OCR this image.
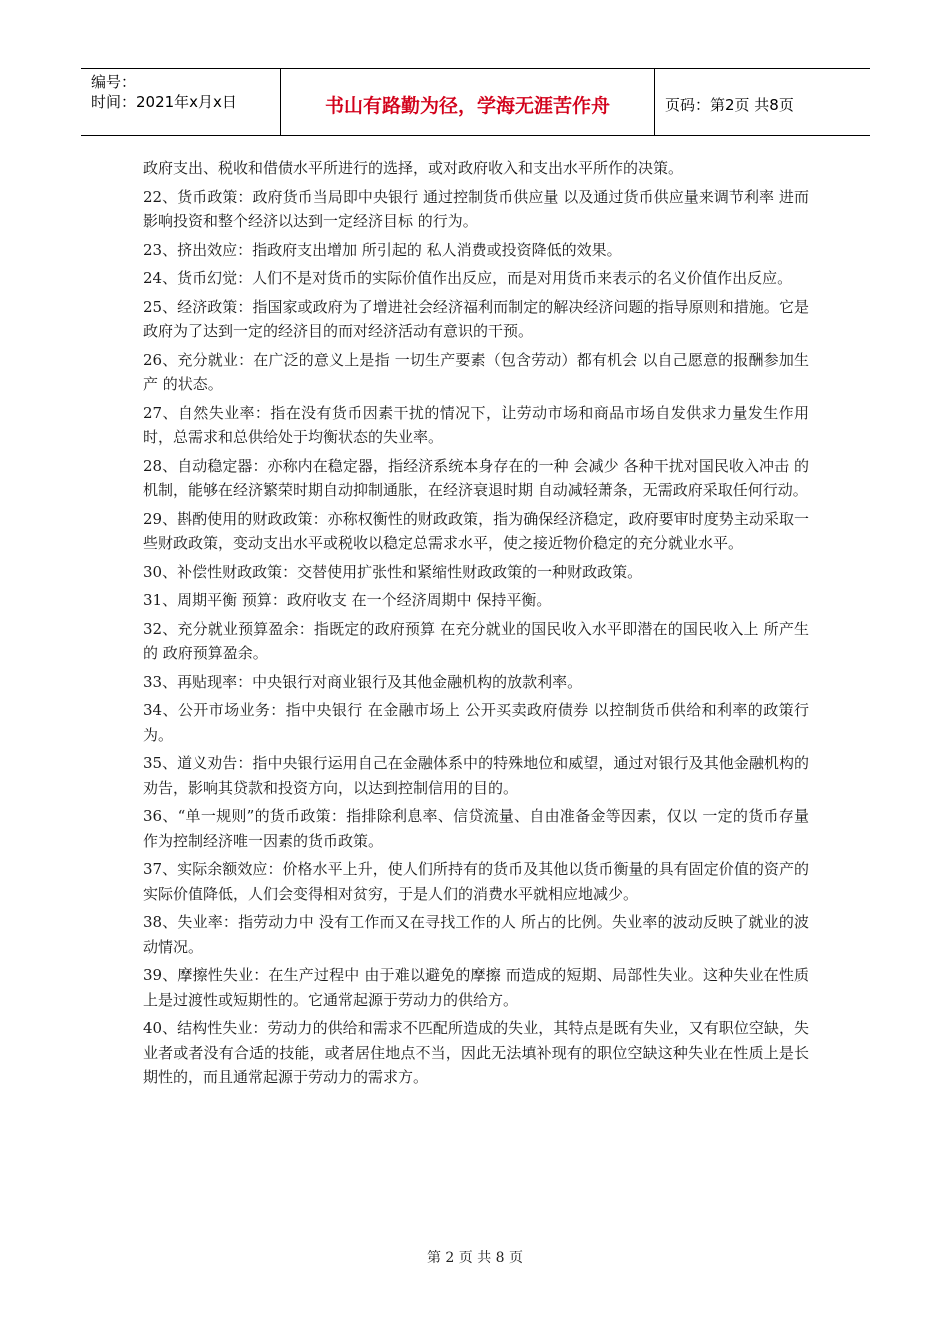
编号：
时间：2021年x月x日	书山有路勤为径，学海无涯苦作舟	页码：第2页 共8页

政府支出、税收和借债水平所进行的选择，或对政府收入和支出水平所作的决策。

22、货币政策：政府货币当局即中央银行 通过控制货币供应量 以及通过货币供应量来调节利率 进而影响投资和整个经济以达到一定经济目标 的行为。

23、挤出效应：指政府支出增加 所引起的 私人消费或投资降低的效果。

24、货币幻觉：人们不是对货币的实际价值作出反应，而是对用货币来表示的名义价值作出反应。

25、经济政策：指国家或政府为了增进社会经济福利而制定的解决经济问题的指导原则和措施。它是政府为了达到一定的经济目的而对经济活动有意识的干预。

26、充分就业：在广泛的意义上是指 一切生产要素（包含劳动）都有机会 以自己愿意的报酬参加生产 的状态。

27、自然失业率：指在没有货币因素干扰的情况下，让劳动市场和商品市场自发供求力量发生作用时，总需求和总供给处于均衡状态的失业率。

28、自动稳定器：亦称内在稳定器，指经济系统本身存在的一种 会减少 各种干扰对国民收入冲击 的机制，能够在经济繁荣时期自动抑制通胀，在经济衰退时期 自动减轻萧条，无需政府采取任何行动。

29、斟酌使用的财政政策：亦称权衡性的财政政策，指为确保经济稳定，政府要审时度势主动采取一些财政政策，变动支出水平或税收以稳定总需求水平，使之接近物价稳定的充分就业水平。

30、补偿性财政政策：交替使用扩张性和紧缩性财政政策的一种财政政策。

31、周期平衡 预算：政府收支 在一个经济周期中 保持平衡。

32、充分就业预算盈余：指既定的政府预算 在充分就业的国民收入水平即潜在的国民收入上 所产生的 政府预算盈余。

33、再贴现率：中央银行对商业银行及其他金融机构的放款利率。

34、公开市场业务：指中央银行 在金融市场上 公开买卖政府债券 以控制货币供给和利率的政策行为。

35、道义劝告：指中央银行运用自己在金融体系中的特殊地位和威望，通过对银行及其他金融机构的劝告，影响其贷款和投资方向，以达到控制信用的目的。

36、“单一规则”的货币政策：指排除利息率、信贷流量、自由准备金等因素，仅以 一定的货币存量 作为控制经济唯一因素的货币政策。

37、实际余额效应：价格水平上升，使人们所持有的货币及其他以货币衡量的具有固定价值的资产的实际价值降低，人们会变得相对贫穷，于是人们的消费水平就相应地减少。

38、失业率：指劳动力中 没有工作而又在寻找工作的人 所占的比例。失业率的波动反映了就业的波动情况。

39、摩擦性失业：在生产过程中 由于难以避免的摩擦 而造成的短期、局部性失业。这种失业在性质上是过渡性或短期性的。它通常起源于劳动力的供给方。

40、结构性失业：劳动力的供给和需求不匹配所造成的失业，其特点是既有失业，又有职位空缺，失业者或者没有合适的技能，或者居住地点不当，因此无法填补现有的职位空缺这种失业在性质上是长期性的，而且通常起源于劳动力的需求方。

第 2 页 共 8 页
